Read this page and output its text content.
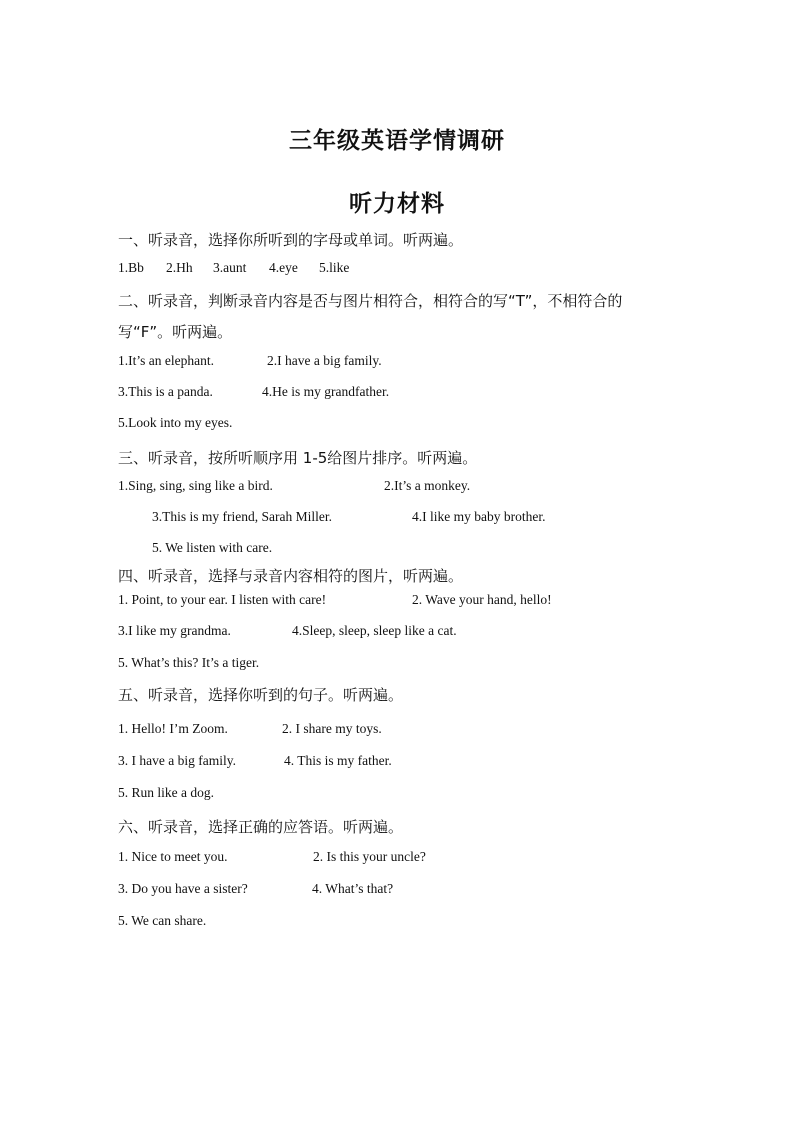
三年级英语学情调研
听力材料
一、听录音，选择你所听到的字母或单词。听两遍。
1.Bb 2.Hh 3.aunt 4.eye 5.like
二、听录音，判断录音内容是否与图片相符合，相符合的写“T”，不相符合的
写“F”。听两遍。
1.It’s an elephant.	2.I have a big family.
3.This is a panda.	4.He is my grandfather.
5.Look into my eyes.
三、听录音，按所听顺序用 1-5给图片排序。听两遍。
1.Sing, sing, sing like a bird.	2.It’s a monkey.
3.This is my friend, Sarah Miller.	4.I like my baby brother.
5. We listen with care.
四、听录音，选择与录音内容相符的图片，听两遍。
1. Point, to your ear. I listen with care!	2. Wave your hand, hello!
3.I like my grandma.	4.Sleep, sleep, sleep like a cat.
5. What’s this? It’s a tiger.
五、听录音，选择你听到的句子。听两遍。
1. Hello! I’m Zoom.	2. I share my toys.
3. I have a big family.	4. This is my father.
5. Run like a dog.
六、听录音，选择正确的应答语。听两遍。
1. Nice to meet you.	2. Is this your uncle?
3. Do you have a sister?	4. What’s that?
5. We can share.
